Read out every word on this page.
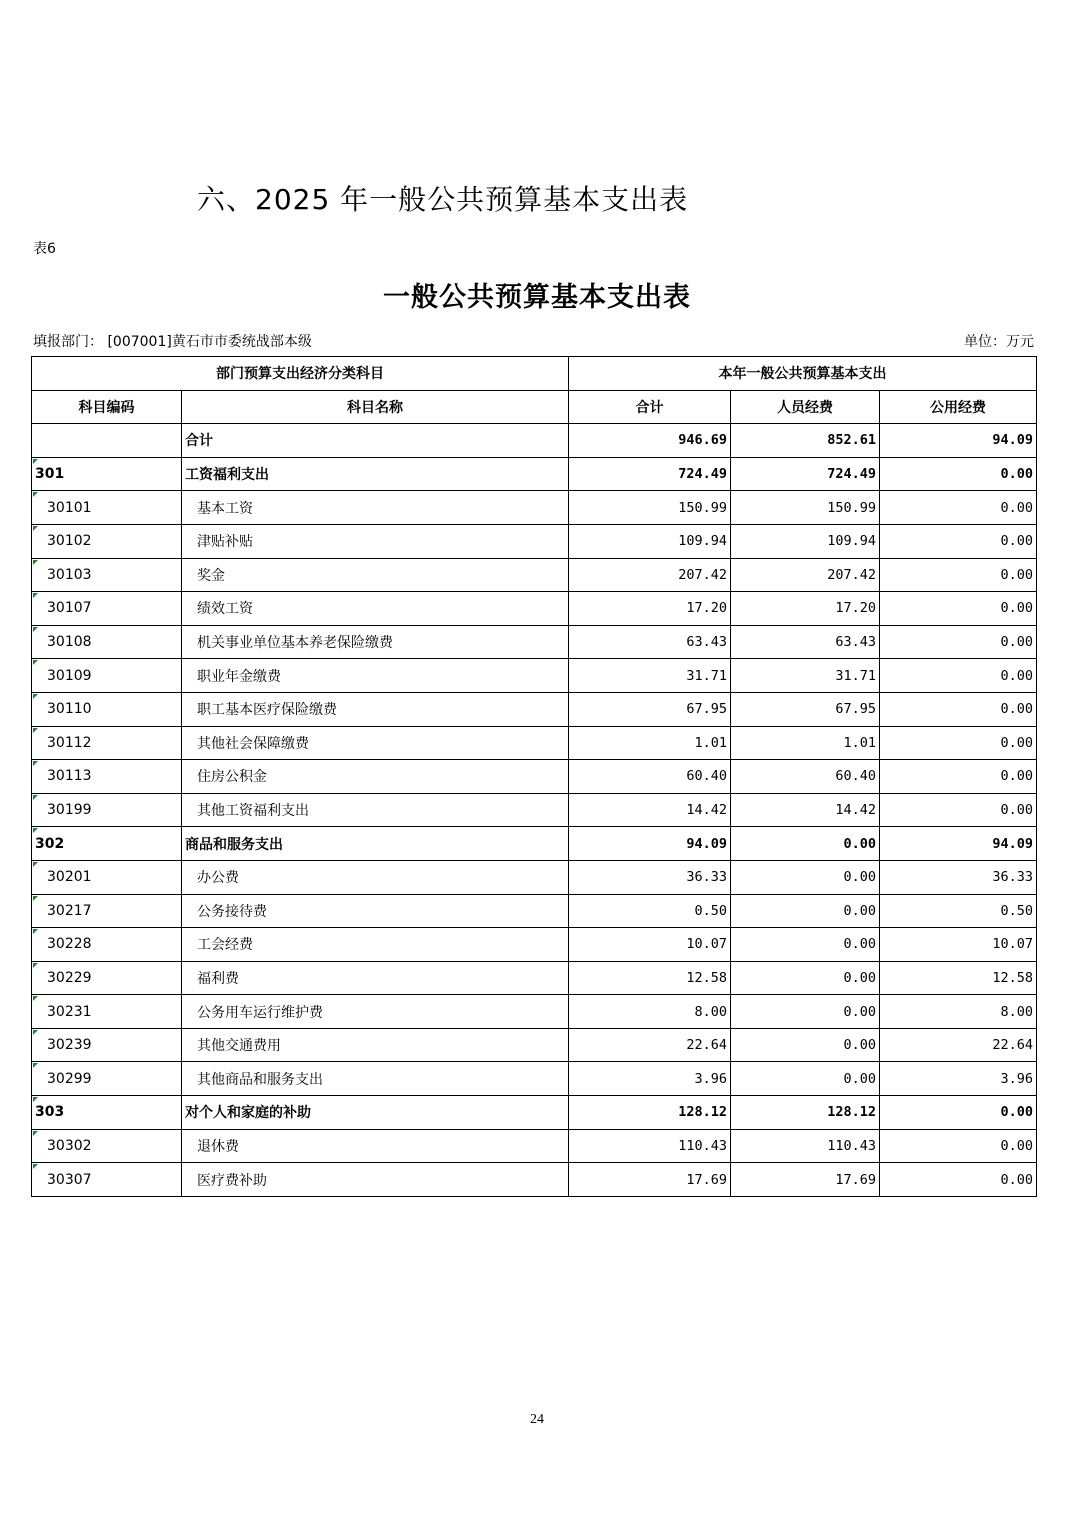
六、2025 年一般公共预算基本支出表
表6
一般公共预算基本支出表
填报部门： [007001]黄石市市委统战部本级	单位：万元
部门预算支出经济分类科目		本年一般公共预算基本支出		
科目编码	科目名称	合计	人员经费	公用经费
	合计	946.69	852.61	94.09
301	工资福利支出	724.49	724.49	0.00
30101	基本工资	150.99	150.99	0.00
30102	津贴补贴	109.94	109.94	0.00
30103	奖金	207.42	207.42	0.00
30107	绩效工资	17.20	17.20	0.00
30108	机关事业单位基本养老保险缴费	63.43	63.43	0.00
30109	职业年金缴费	31.71	31.71	0.00
30110	职工基本医疗保险缴费	67.95	67.95	0.00
30112	其他社会保障缴费	1.01	1.01	0.00
30113	住房公积金	60.40	60.40	0.00
30199	其他工资福利支出	14.42	14.42	0.00
302	商品和服务支出	94.09	0.00	94.09
30201	办公费	36.33	0.00	36.33
30217	公务接待费	0.50	0.00	0.50
30228	工会经费	10.07	0.00	10.07
30229	福利费	12.58	0.00	12.58
30231	公务用车运行维护费	8.00	0.00	8.00
30239	其他交通费用	22.64	0.00	22.64
30299	其他商品和服务支出	3.96	0.00	3.96
303	对个人和家庭的补助	128.12	128.12	0.00
30302	退休费	110.43	110.43	0.00
30307	医疗费补助	17.69	17.69	0.00
24
